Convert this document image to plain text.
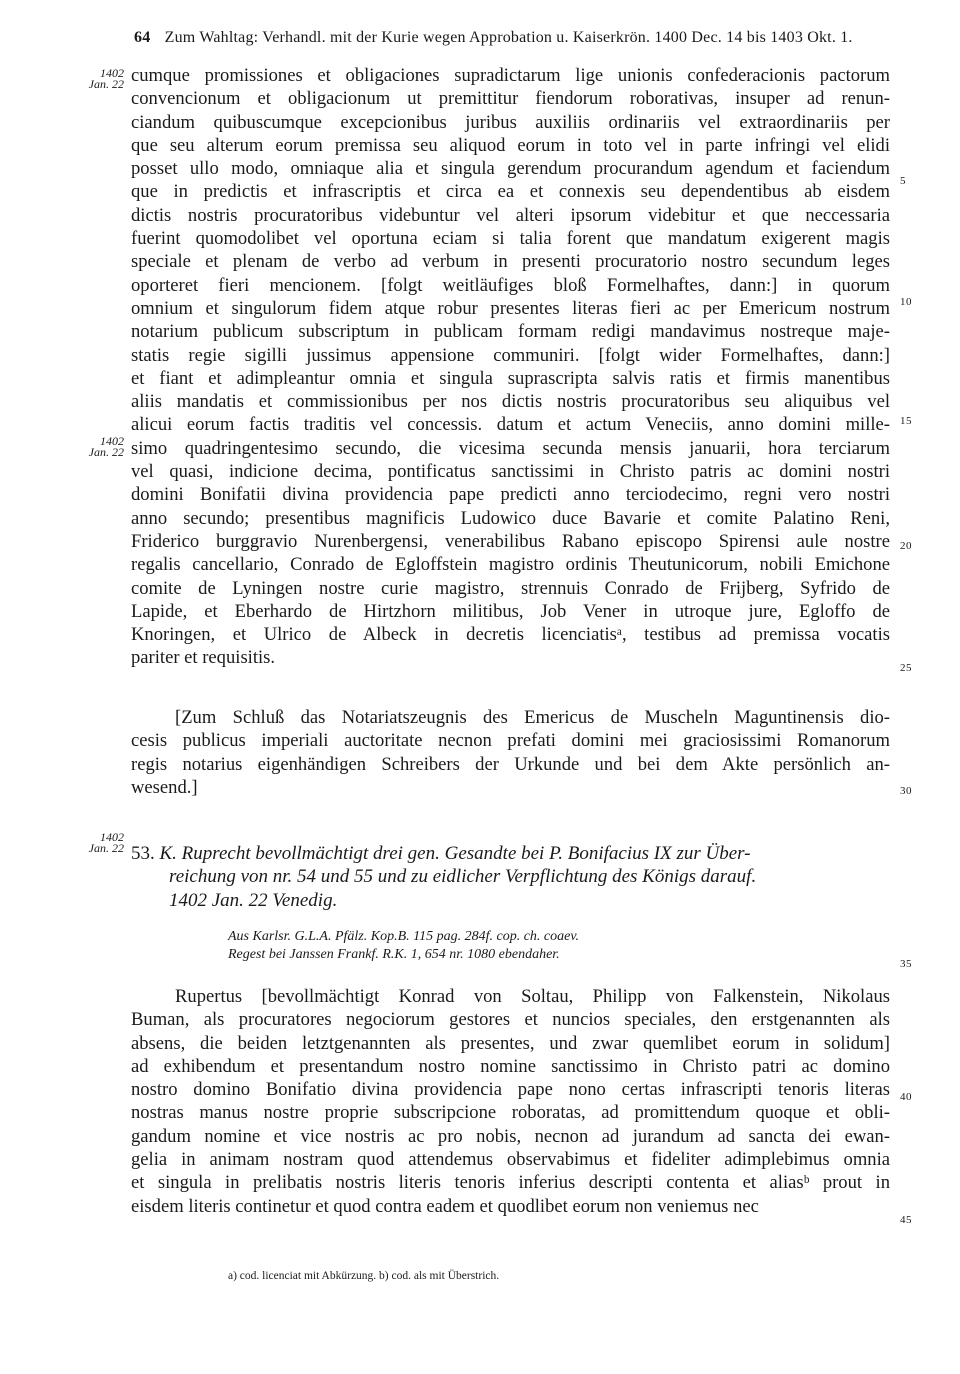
64 Zum Wahltag: Verhandl. mit der Kurie wegen Approbation u. Kaiserkrön. 1400 Dec. 14 bis 1403 Okt. 1.
1402
Jan. 22
1402
Jan. 22
1402
Jan. 22
5
10
15
20
25
30
35
40
45
cumque promissiones et obligaciones supradictarum lige unionis confederacionis pactorum
convencionum et obligacionum ut premittitur fiendorum roborativas, insuper ad renun-
ciandum quibuscumque excepcionibus juribus auxiliis ordinariis vel extraordinariis per
que seu alterum eorum premissa seu aliquod eorum in toto vel in parte infringi vel elidi
posset ullo modo, omniaque alia et singula gerendum procurandum agendum et faciendum
que in predictis et infrascriptis et circa ea et connexis seu dependentibus ab eisdem
dictis nostris procuratoribus videbuntur vel alteri ipsorum videbitur et que neccessaria
fuerint quomodolibet vel oportuna eciam si talia forent que mandatum exigerent magis
speciale et plenam de verbo ad verbum in presenti procuratorio nostro secundum leges
oporteret fieri mencionem. [folgt weitläufiges bloß Formelhaftes, dann:] in quorum
omnium et singulorum fidem atque robur presentes literas fieri ac per Emericum nostrum
notarium publicum subscriptum in publicam formam redigi mandavimus nostreque maje-
statis regie sigilli jussimus appensione communiri. [folgt wider Formelhaftes, dann:]
et fiant et adimpleantur omnia et singula suprascripta salvis ratis et firmis manentibus
aliis mandatis et commissionibus per nos dictis nostris procuratoribus seu aliquibus vel
alicui eorum factis traditis vel concessis. datum et actum Veneciis, anno domini mille-
simo quadringentesimo secundo, die vicesima secunda mensis januarii, hora terciarum
vel quasi, indicione decima, pontificatus sanctissimi in Christo patris ac domini nostri
domini Bonifatii divina providencia pape predicti anno terciodecimo, regni vero nostri
anno secundo; presentibus magnificis Ludowico duce Bavarie et comite Palatino Reni,
Friderico burggravio Nurenbergensi, venerabilibus Rabano episcopo Spirensi aule nostre
regalis cancellario, Conrado de Egloffstein magistro ordinis Theutunicorum, nobili Emichone
comite de Lyningen nostre curie magistro, strennuis Conrado de Frijberg, Syfrido de
Lapide, et Eberhardo de Hirtzhorn militibus, Job Vener in utroque jure, Egloffo de
Knoringen, et Ulrico de Albeck in decretis licenciatisᵃ, testibus ad premissa vocatis
pariter et requisitis.
[Zum Schluß das Notariatszeugnis des Emericus de Muscheln Maguntinensis dio-
cesis publicus imperiali auctoritate necnon prefati domini mei graciosissimi Romanorum
regis notarius eigenhändigen Schreibers der Urkunde und bei dem Akte persönlich an-
wesend.]
53. K. Ruprecht bevollmächtigt drei gen. Gesandte bei P. Bonifacius IX zur Über-
reichung von nr. 54 und 55 und zu eidlicher Verpflichtung des Königs darauf.
1402 Jan. 22 Venedig.
Aus Karlsr. G.L.A. Pfälz. Kop.B. 115 pag. 284f. cop. ch. coaev.
Regest bei Janssen Frankf. R.K. 1, 654 nr. 1080 ebendaher.
Rupertus [bevollmächtigt Konrad von Soltau, Philipp von Falkenstein, Nikolaus
Buman, als procuratores negociorum gestores et nuncios speciales, den erstgenannten als
absens, die beiden letztgenannten als presentes, und zwar quemlibet eorum in solidum]
ad exhibendum et presentandum nostro nomine sanctissimo in Christo patri ac domino
nostro domino Bonifatio divina providencia pape nono certas infrascripti tenoris literas
nostras manus nostre proprie subscripcione roboratas, ad promittendum quoque et obli-
gandum nomine et vice nostris ac pro nobis, necnon ad jurandum ad sancta dei ewan-
gelia in animam nostram quod attendemus observabimus et fideliter adimplebimus omnia
et singula in prelibatis nostris literis tenoris inferius descripti contenta et aliasᵇ prout in
eisdem literis continetur et quod contra eadem et quodlibet eorum non veniemus nec
a) cod. licenciat mit Abkürzung. b) cod. als mit Überstrich.
